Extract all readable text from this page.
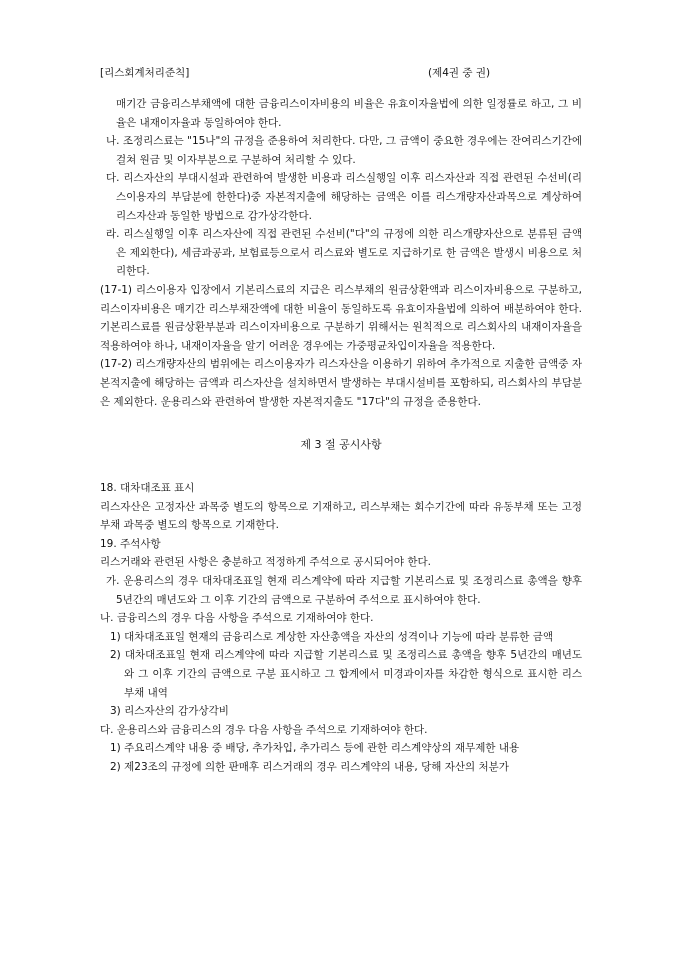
[리스회계처리준칙]	(제4권 중 권)

매기간 금융리스부채액에 대한 금융리스이자비용의 비율은 유효이자율법에 의한 일정률로 하고, 그 비율은 내재이자율과 동일하여야 한다.

나. 조정리스료는 "15나"의 규정을 준용하여 처리한다. 다만, 그 금액이 중요한 경우에는 잔여리스기간에 걸쳐 원금 및 이자부분으로 구분하여 처리할 수 있다.

다. 리스자산의 부대시설과 관련하여 발생한 비용과 리스실행일 이후 리스자산과 직접 관련된 수선비(리스이용자의 부담분에 한한다)중 자본적지출에 해당하는 금액은 이를 리스개량자산과목으로 계상하여 리스자산과 동일한 방법으로 감가상각한다.

라. 리스실행일 이후 리스자산에 직접 관련된 수선비("다"의 규정에 의한 리스개량자산으로 분류된 금액은 제외한다), 세금과공과, 보험료등으로서 리스료와 별도로 지급하기로 한 금액은 발생시 비용으로 처리한다.

(17-1) 리스이용자 입장에서 기본리스료의 지급은 리스부채의 원금상환액과 리스이자비용으로 구분하고, 리스이자비용은 매기간 리스부채잔액에 대한 비율이 동일하도록 유효이자율법에 의하여 배분하여야 한다. 기본리스료를 원금상환부분과 리스이자비용으로 구분하기 위해서는 원칙적으로 리스회사의 내재이자율을 적용하여야 하나, 내재이자율을 알기 어려운 경우에는 가중평균차입이자율을 적용한다.

(17-2) 리스개량자산의 범위에는 리스이용자가 리스자산을 이용하기 위하여 추가적으로 지출한 금액중 자본적지출에 해당하는 금액과 리스자산을 설치하면서 발생하는 부대시설비를 포함하되, 리스회사의 부담분은 제외한다. 운용리스와 관련하여 발생한 자본적지출도 "17다"의 규정을 준용한다.

제 3 절 공시사항

18. 대차대조표 표시

리스자산은 고정자산 과목중 별도의 항목으로 기재하고, 리스부채는 회수기간에 따라 유동부채 또는 고정부채 과목중 별도의 항목으로 기재한다.

19. 주석사항

리스거래와 관련된 사항은 충분하고 적정하게 주석으로 공시되어야 한다.

가. 운용리스의 경우 대차대조표일 현재 리스계약에 따라 지급할 기본리스료 및 조정리스료 총액을 향후 5년간의 매년도와 그 이후 기간의 금액으로 구분하여 주석으로 표시하여야 한다.

나. 금융리스의 경우 다음 사항을 주석으로 기재하여야 한다.

1) 대차대조표일 현재의 금융리스로 계상한 자산총액을 자산의 성격이나 기능에 따라 분류한 금액

2) 대차대조표일 현재 리스계약에 따라 지급할 기본리스료 및 조정리스료 총액을 향후 5년간의 매년도와 그 이후 기간의 금액으로 구분 표시하고 그 합계에서 미경과이자를 차감한 형식으로 표시한 리스부채 내역

3) 리스자산의 감가상각비

다. 운용리스와 금융리스의 경우 다음 사항을 주석으로 기재하여야 한다.

1) 주요리스계약 내용 중 배당, 추가차입, 추가리스 등에 관한 리스계약상의 재무제한 내용

2) 제23조의 규정에 의한 판매후 리스거래의 경우 리스계약의 내용, 당해 자산의 처분가
